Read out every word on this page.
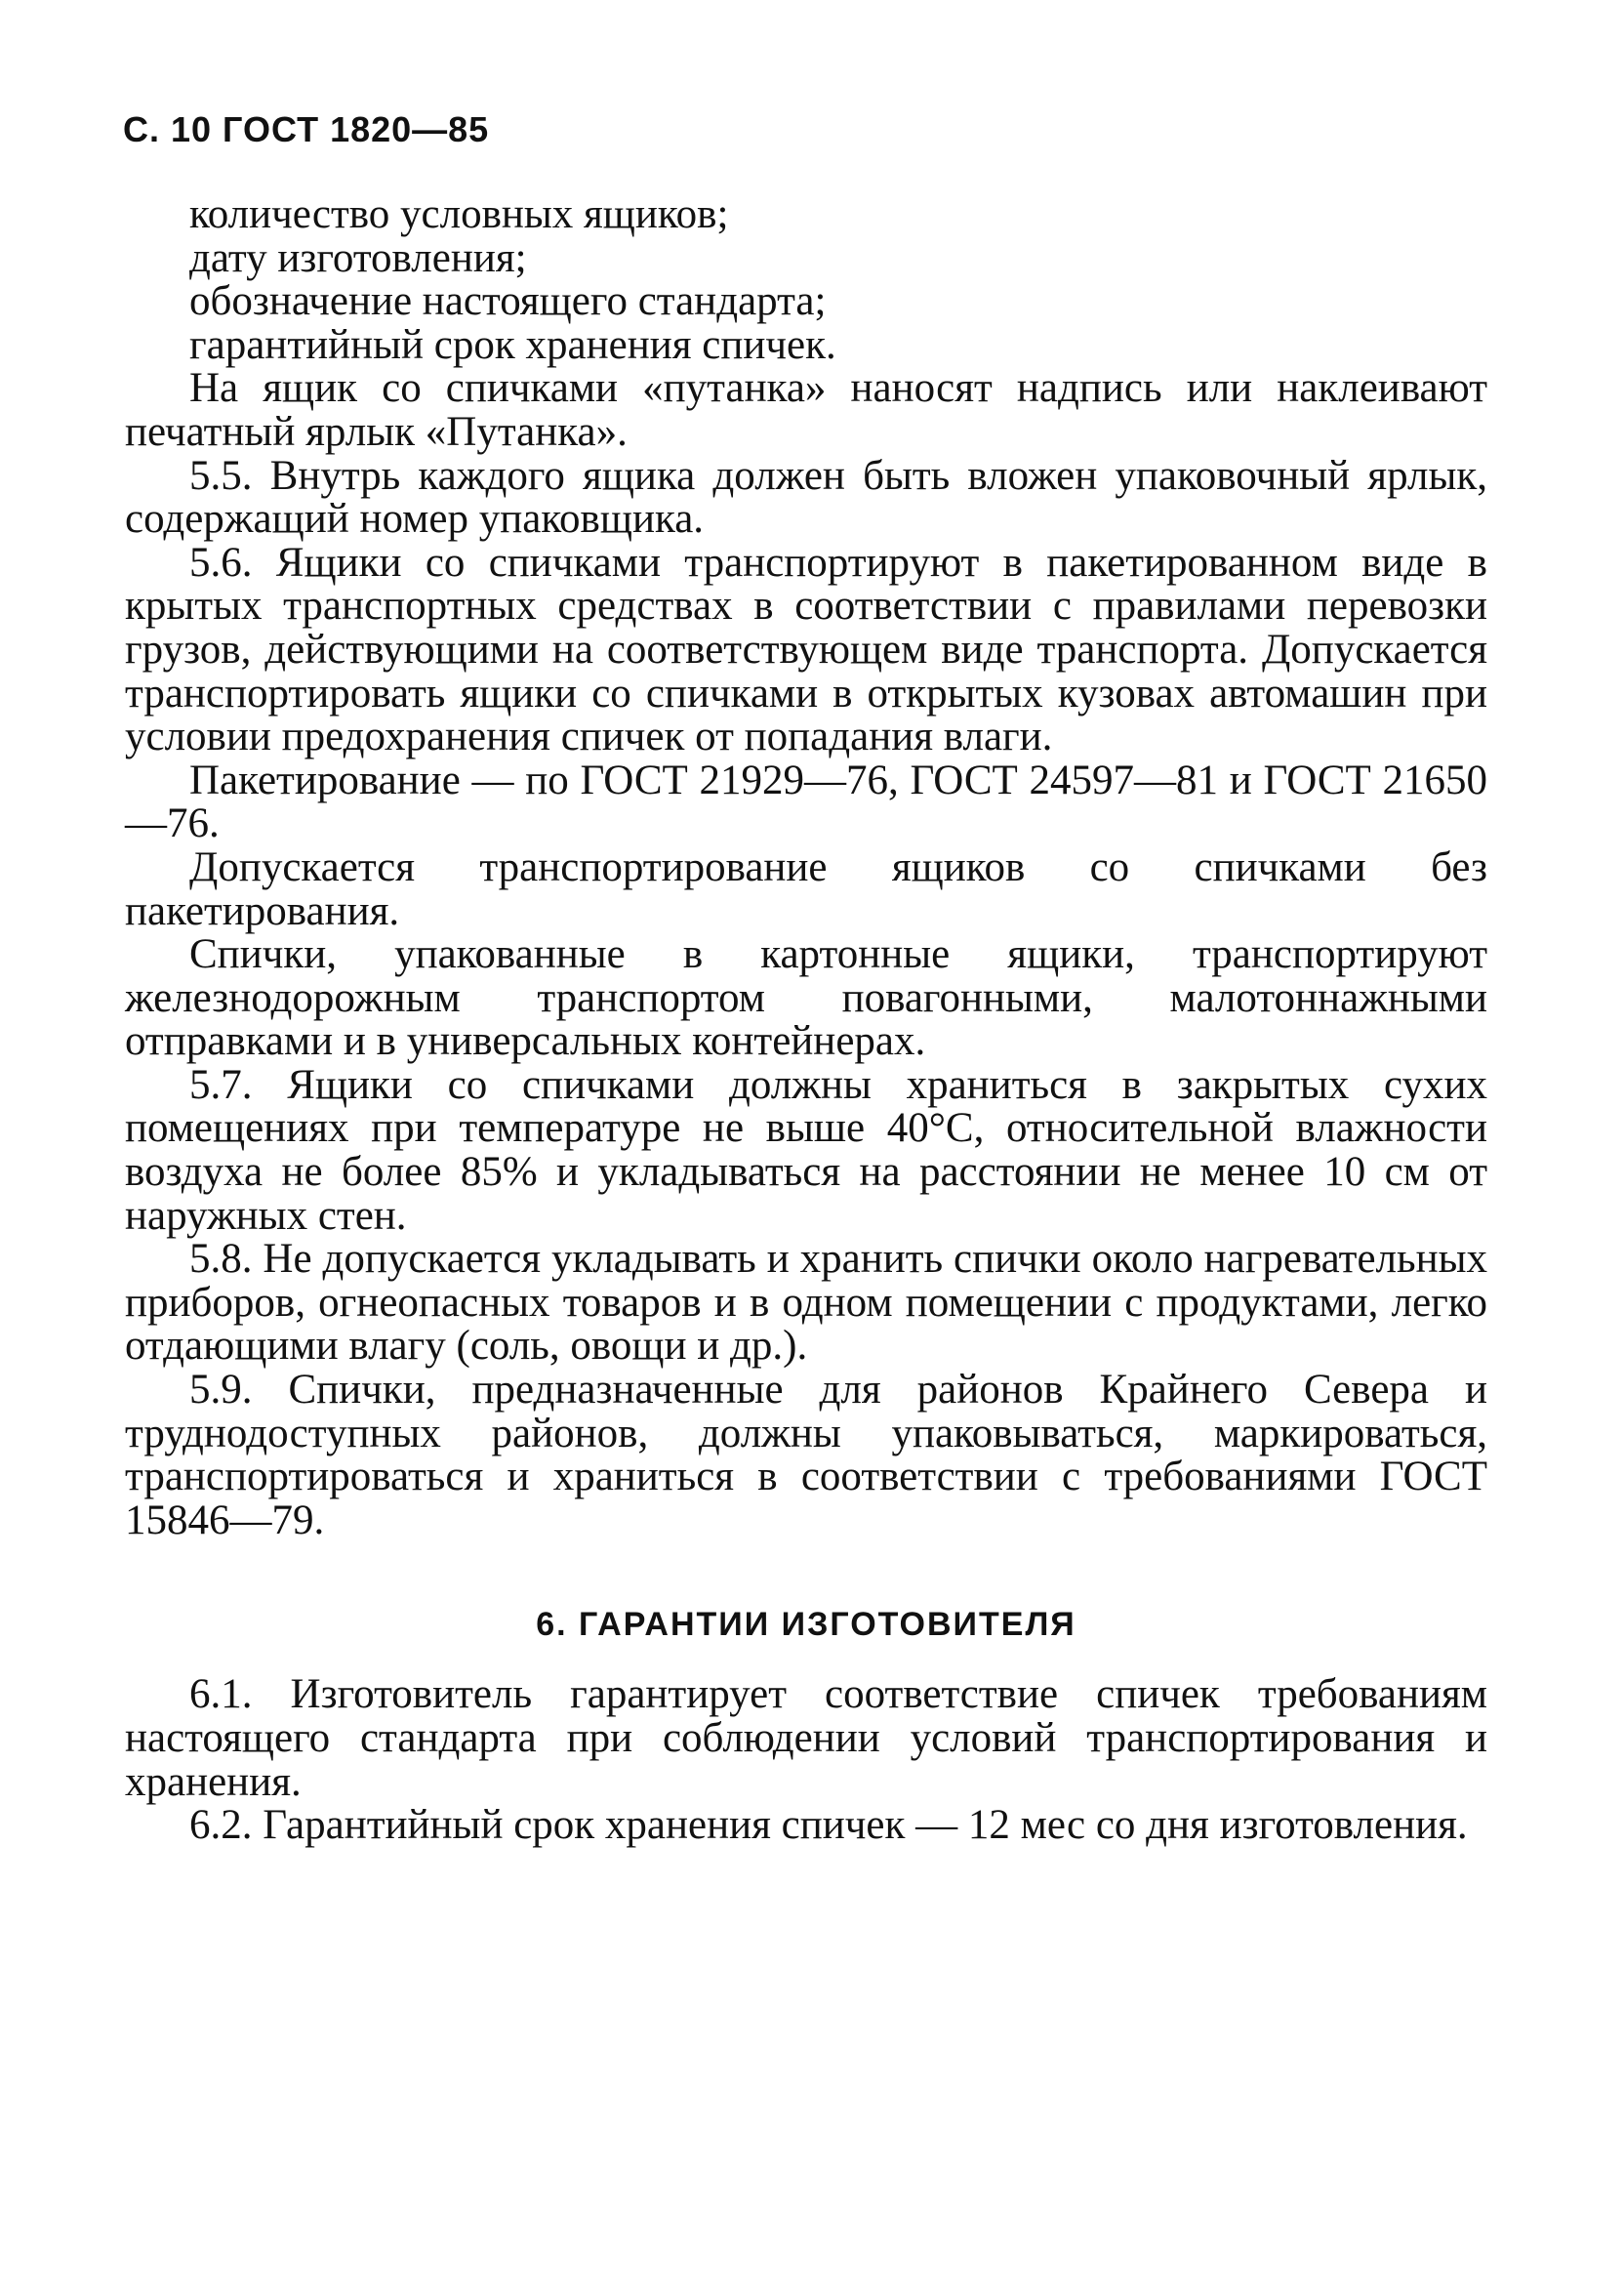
С. 10 ГОСТ 1820—85

количество условных ящиков;

дату изготовления;

обозначение настоящего стандарта;

гарантийный срок хранения спичек.

На ящик со спичками «путанка» наносят надпись или наклеивают печатный ярлык «Путанка».

5.5. Внутрь каждого ящика должен быть вложен упаковочный ярлык, содержащий номер упаковщика.

5.6. Ящики со спичками транспортируют в пакетированном виде в крытых транспортных средствах в соответствии с правилами перевозки грузов, действующими на соответствующем виде транспорта. Допускается транспортировать ящики со спичками в открытых кузовах автомашин при условии предохранения спичек от попадания влаги.

Пакетирование — по ГОСТ 21929—76, ГОСТ 24597—81 и ГОСТ 21650—76.

Допускается транспортирование ящиков со спичками без пакетирования.

Спички, упакованные в картонные ящики, транспортируют железнодорожным транспортом повагонными, малотоннажными отправками и в универсальных контейнерах.

5.7. Ящики со спичками должны храниться в закрытых сухих помещениях при температуре не выше 40°С, относительной влажности воздуха не более 85% и укладываться на расстоянии не менее 10 см от наружных стен.

5.8. Не допускается укладывать и хранить спички около нагревательных приборов, огнеопасных товаров и в одном помещении с продуктами, легко отдающими влагу (соль, овощи и др.).

5.9. Спички, предназначенные для районов Крайнего Севера и труднодоступных районов, должны упаковываться, маркироваться, транспортироваться и храниться в соответствии с требованиями ГОСТ 15846—79.

6. ГАРАНТИИ ИЗГОТОВИТЕЛЯ

6.1. Изготовитель гарантирует соответствие спичек требованиям настоящего стандарта при соблюдении условий транспортирования и хранения.

6.2. Гарантийный срок хранения спичек — 12 мес со дня изготовления.
